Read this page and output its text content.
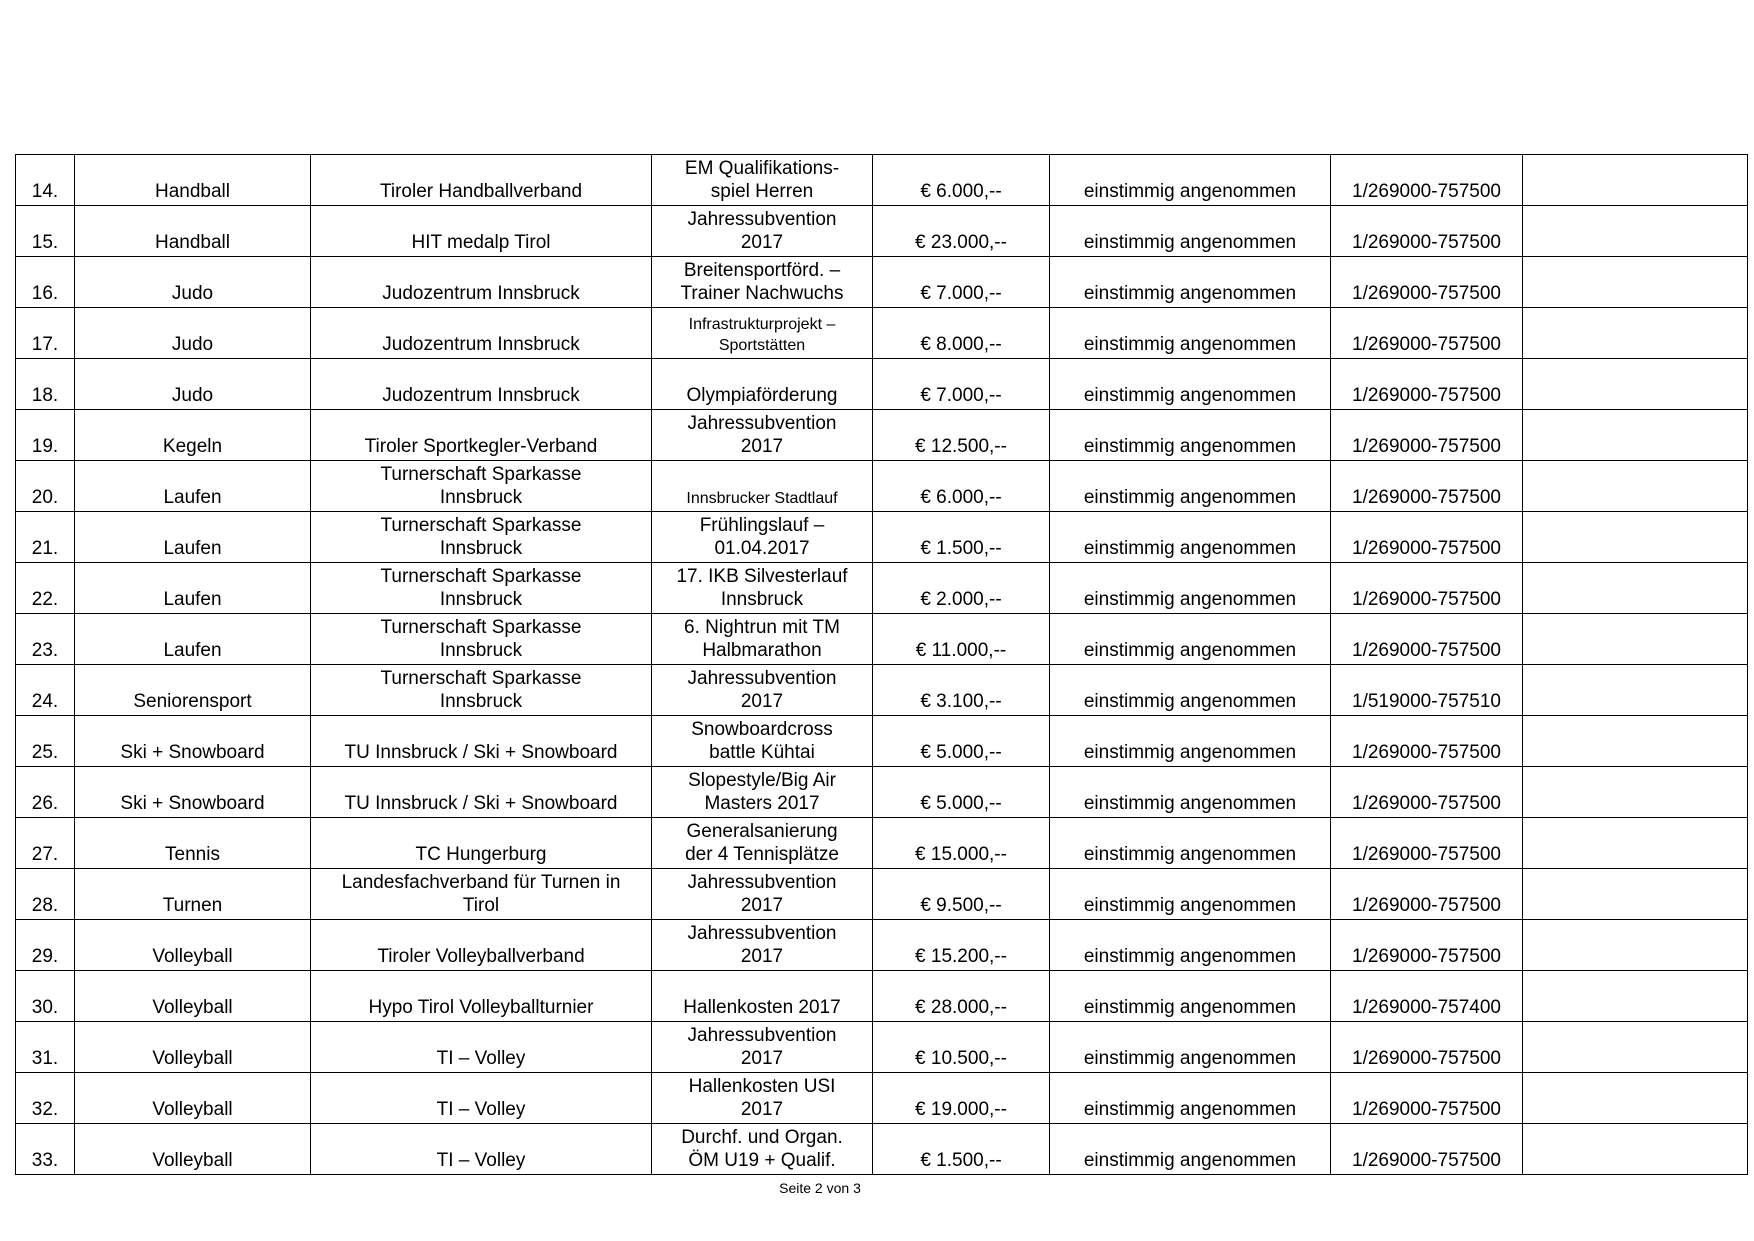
14.	Handball	Tiroler Handballverband	EM Qualifikations-
spiel Herren	€ 6.000,--	einstimmig angenommen	1/269000-757500	
15.	Handball	HIT medalp Tirol	Jahressubvention
2017	€ 23.000,--	einstimmig angenommen	1/269000-757500	
16.	Judo	Judozentrum Innsbruck	Breitensportförd. –
Trainer Nachwuchs	€ 7.000,--	einstimmig angenommen	1/269000-757500	
17.	Judo	Judozentrum Innsbruck	Infrastrukturprojekt –
Sportstätten	€ 8.000,--	einstimmig angenommen	1/269000-757500	
18.	Judo	Judozentrum Innsbruck	Olympiaförderung	€ 7.000,--	einstimmig angenommen	1/269000-757500	
19.	Kegeln	Tiroler Sportkegler-Verband	Jahressubvention
2017	€ 12.500,--	einstimmig angenommen	1/269000-757500	
20.	Laufen	Turnerschaft Sparkasse
Innsbruck	Innsbrucker Stadtlauf	€ 6.000,--	einstimmig angenommen	1/269000-757500	
21.	Laufen	Turnerschaft Sparkasse
Innsbruck	Frühlingslauf –
01.04.2017	€ 1.500,--	einstimmig angenommen	1/269000-757500	
22.	Laufen	Turnerschaft Sparkasse
Innsbruck	17. IKB Silvesterlauf
Innsbruck	€ 2.000,--	einstimmig angenommen	1/269000-757500	
23.	Laufen	Turnerschaft Sparkasse
Innsbruck	6. Nightrun mit TM
Halbmarathon	€ 11.000,--	einstimmig angenommen	1/269000-757500	
24.	Seniorensport	Turnerschaft Sparkasse
Innsbruck	Jahressubvention
2017	€ 3.100,--	einstimmig angenommen	1/519000-757510	
25.	Ski + Snowboard	TU Innsbruck / Ski + Snowboard	Snowboardcross
battle Kühtai	€ 5.000,--	einstimmig angenommen	1/269000-757500	
26.	Ski + Snowboard	TU Innsbruck / Ski + Snowboard	Slopestyle/Big Air
Masters 2017	€ 5.000,--	einstimmig angenommen	1/269000-757500	
27.	Tennis	TC Hungerburg	Generalsanierung
der 4 Tennisplätze	€ 15.000,--	einstimmig angenommen	1/269000-757500	
28.	Turnen	Landesfachverband für Turnen in
Tirol	Jahressubvention
2017	€ 9.500,--	einstimmig angenommen	1/269000-757500	
29.	Volleyball	Tiroler Volleyballverband	Jahressubvention
2017	€ 15.200,--	einstimmig angenommen	1/269000-757500	
30.	Volleyball	Hypo Tirol Volleyballturnier	Hallenkosten 2017	€ 28.000,--	einstimmig angenommen	1/269000-757400	
31.	Volleyball	TI – Volley	Jahressubvention
2017	€ 10.500,--	einstimmig angenommen	1/269000-757500	
32.	Volleyball	TI – Volley	Hallenkosten USI
2017	€ 19.000,--	einstimmig angenommen	1/269000-757500	
33.	Volleyball	TI – Volley	Durchf. und Organ.
ÖM U19 + Qualif.	€ 1.500,--	einstimmig angenommen	1/269000-757500	
Seite 2 von 3
